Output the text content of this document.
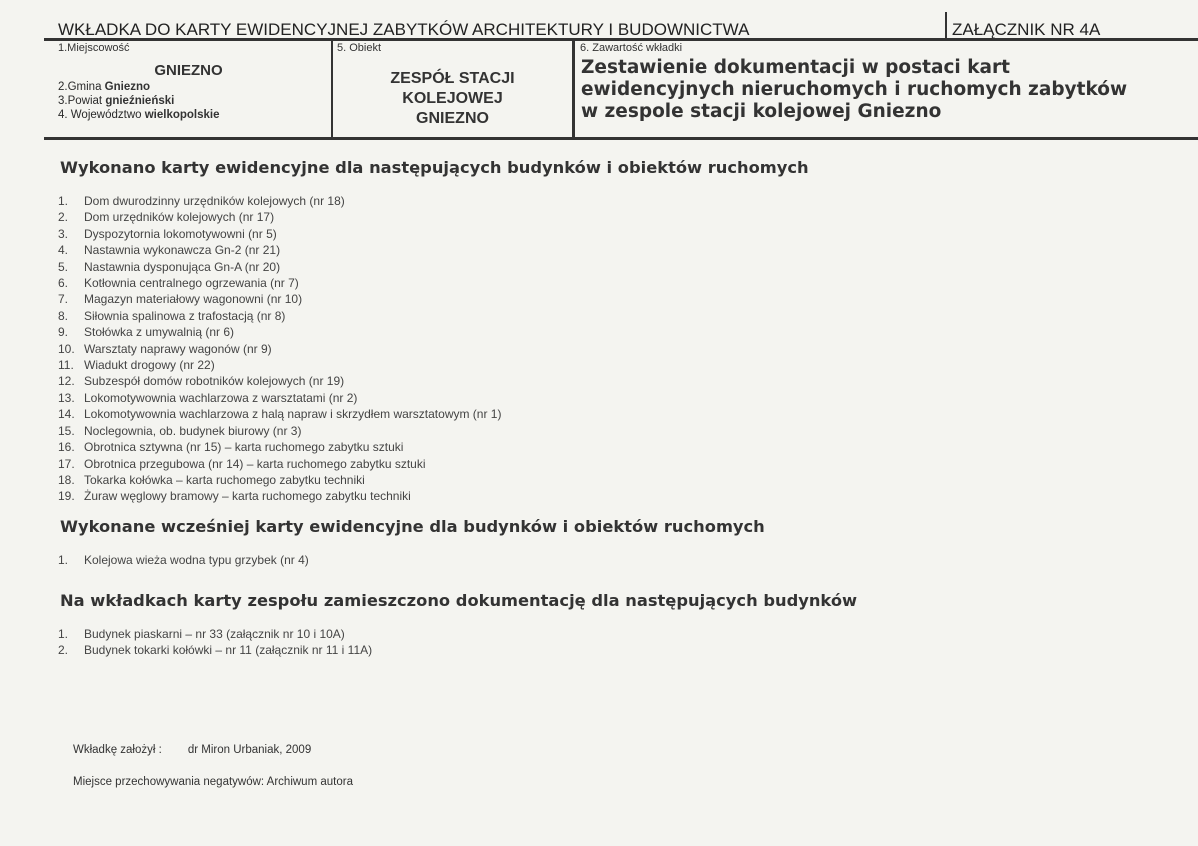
WKŁADKA DO KARTY EWIDENCYJNEJ ZABYTKÓW ARCHITEKTURY I BUDOWNICTWA	ZAŁĄCZNIK NR 4A
1.Miejscowość
GNIEZNO
2.Gmina Gniezno
3.Powiat gnieźnieński
4. Województwo wielkopolskie
5. Obiekt
ZESPÓŁ STACJI
KOLEJOWEJ
GNIEZNO
6. Zawartość wkładki
Zestawienie dokumentacji w postaci kart
ewidencyjnych nieruchomych i ruchomych zabytków
w zespole stacji kolejowej Gniezno
Wykonano karty ewidencyjne dla następujących budynków i obiektów ruchomych
1. Dom dwurodzinny urzędników kolejowych (nr 18)
2. Dom urzędników kolejowych (nr 17)
3. Dyspozytornia lokomotywowni (nr 5)
4. Nastawnia wykonawcza Gn-2 (nr 21)
5. Nastawnia dysponująca Gn-A (nr 20)
6. Kotłownia centralnego ogrzewania (nr 7)
7. Magazyn materiałowy wagonowni (nr 10)
8. Siłownia spalinowa z trafostacją (nr 8)
9. Stołówka z umywalnią (nr 6)
10. Warsztaty naprawy wagonów (nr 9)
11. Wiadukt drogowy (nr 22)
12. Subzespół domów robotników kolejowych (nr 19)
13. Lokomotywownia wachlarzowa z warsztatami (nr 2)
14. Lokomotywownia wachlarzowa z halą napraw i skrzydłem warsztatowym (nr 1)
15. Noclegownia, ob. budynek biurowy (nr 3)
16. Obrotnica sztywna (nr 15) – karta ruchomego zabytku sztuki
17. Obrotnica przegubowa (nr 14) – karta ruchomego zabytku sztuki
18. Tokarka kołówka – karta ruchomego zabytku techniki
19. Żuraw węglowy bramowy – karta ruchomego zabytku techniki
Wykonane wcześniej karty ewidencyjne dla budynków i obiektów ruchomych
1. Kolejowa wieża wodna typu grzybek (nr 4)
Na wkładkach karty zespołu zamieszczono dokumentację dla następujących budynków
1. Budynek piaskarni – nr 33 (załącznik nr 10 i 10A)
2. Budynek tokarki kołówki – nr 11 (załącznik nr 11 i 11A)
Wkładkę założył : dr Miron Urbaniak, 2009
Miejsce przechowywania negatywów: Archiwum autora
